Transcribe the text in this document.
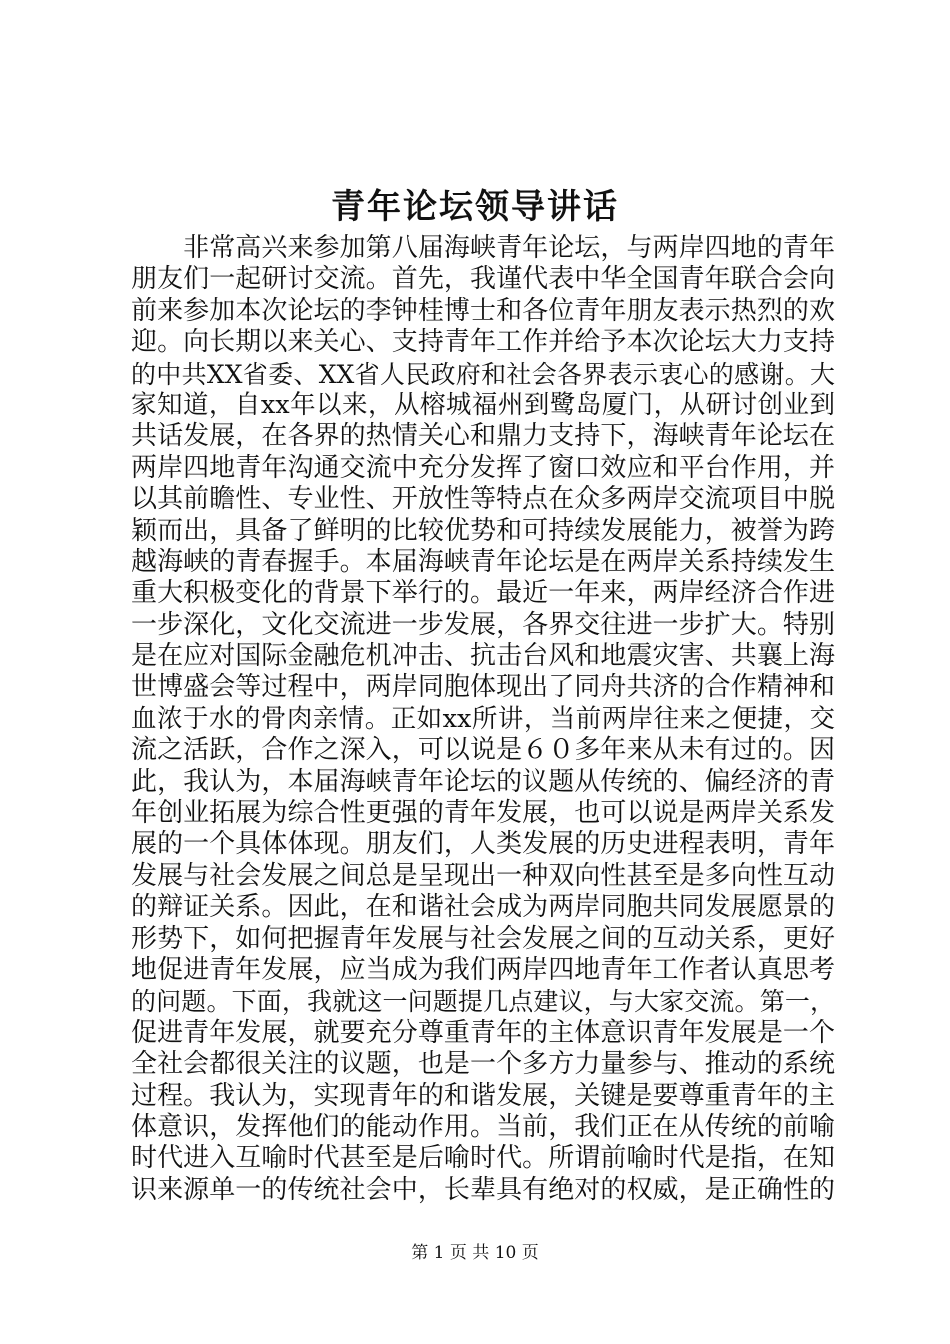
青年论坛领导讲话
　　非常高兴来参加第八届海峡青年论坛，与两岸四地的青年
朋友们一起研讨交流。首先，我谨代表中华全国青年联合会向
前来参加本次论坛的李钟桂博士和各位青年朋友表示热烈的欢
迎。向长期以来关心、支持青年工作并给予本次论坛大力支持
的中共XX省委、XX省人民政府和社会各界表示衷心的感谢。大
家知道，自xx年以来，从榕城福州到鹭岛厦门，从研讨创业到
共话发展，在各界的热情关心和鼎力支持下，海峡青年论坛在
两岸四地青年沟通交流中充分发挥了窗口效应和平台作用，并
以其前瞻性、专业性、开放性等特点在众多两岸交流项目中脱
颖而出，具备了鲜明的比较优势和可持续发展能力，被誉为跨
越海峡的青春握手。本届海峡青年论坛是在两岸关系持续发生
重大积极变化的背景下举行的。最近一年来，两岸经济合作进
一步深化，文化交流进一步发展，各界交往进一步扩大。特别
是在应对国际金融危机冲击、抗击台风和地震灾害、共襄上海
世博盛会等过程中，两岸同胞体现出了同舟共济的合作精神和
血浓于水的骨肉亲情。正如xx所讲，当前两岸往来之便捷，交
流之活跃，合作之深入，可以说是６０多年来从未有过的。因
此，我认为，本届海峡青年论坛的议题从传统的、偏经济的青
年创业拓展为综合性更强的青年发展，也可以说是两岸关系发
展的一个具体体现。朋友们，人类发展的历史进程表明，青年
发展与社会发展之间总是呈现出一种双向性甚至是多向性互动
的辩证关系。因此，在和谐社会成为两岸同胞共同发展愿景的
形势下，如何把握青年发展与社会发展之间的互动关系，更好
地促进青年发展，应当成为我们两岸四地青年工作者认真思考
的问题。下面，我就这一问题提几点建议，与大家交流。第一，
促进青年发展，就要充分尊重青年的主体意识青年发展是一个
全社会都很关注的议题，也是一个多方力量参与、推动的系统
过程。我认为，实现青年的和谐发展，关键是要尊重青年的主
体意识，发挥他们的能动作用。当前，我们正在从传统的前喻
时代进入互喻时代甚至是后喻时代。所谓前喻时代是指，在知
识来源单一的传统社会中，长辈具有绝对的权威，是正确性的
第 1 页 共 10 页
